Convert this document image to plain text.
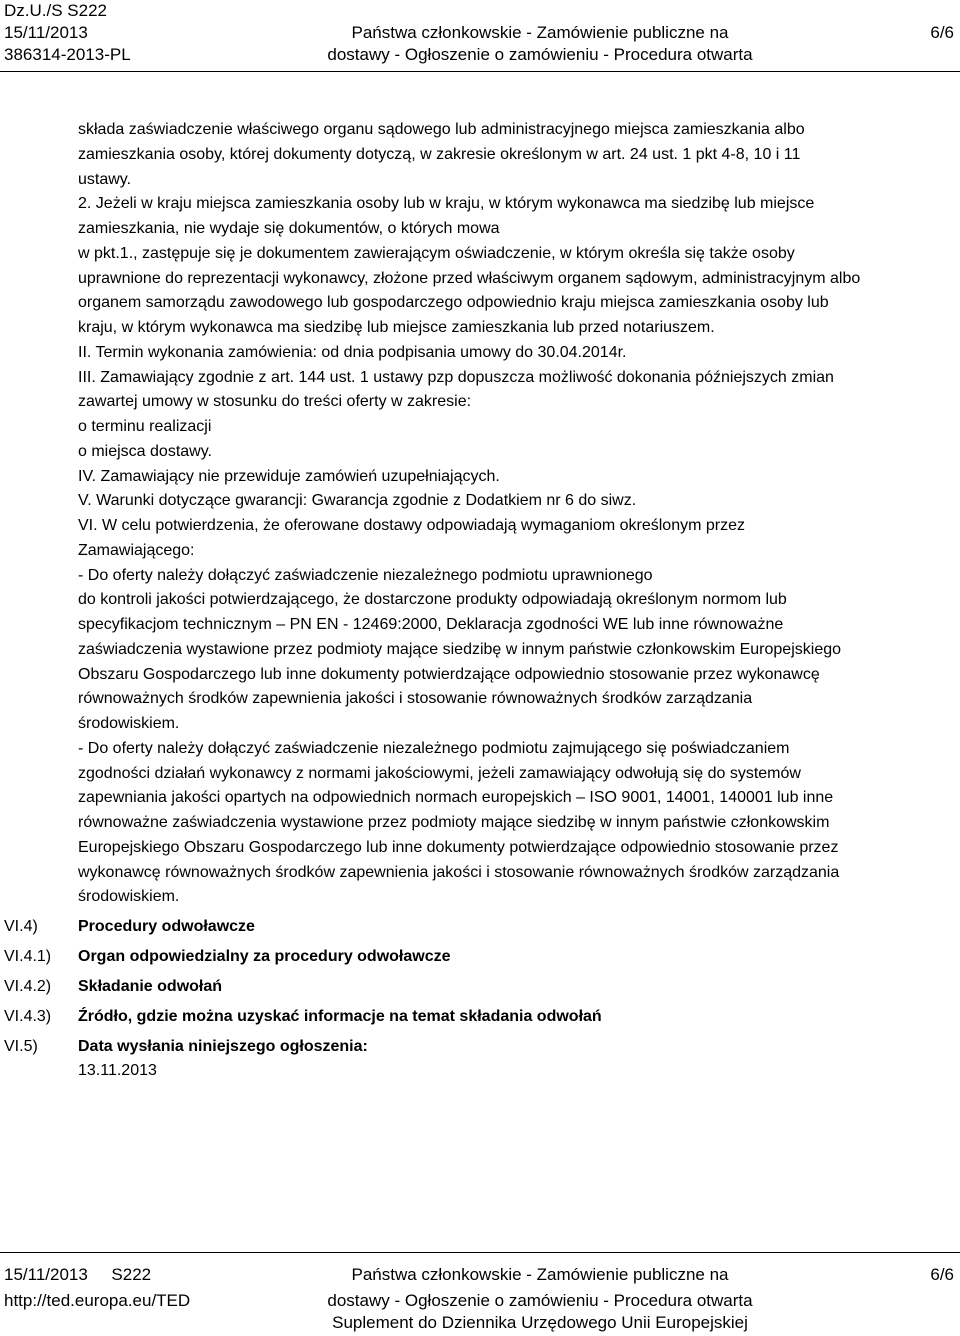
Dz.U./S S222
15/11/2013
386314-2013-PL
Państwa członkowskie - Zamówienie publiczne na
dostawy - Ogłoszenie o zamówieniu - Procedura otwarta
6/6
składa zaświadczenie właściwego organu sądowego lub administracyjnego miejsca zamieszkania albo
zamieszkania osoby, której dokumenty dotyczą, w zakresie określonym w art. 24 ust. 1 pkt 4-8, 10 i 11
ustawy.
2. Jeżeli w kraju miejsca zamieszkania osoby lub w kraju, w którym wykonawca ma siedzibę lub miejsce
zamieszkania, nie wydaje się dokumentów, o których mowa
w pkt.1., zastępuje się je dokumentem zawierającym oświadczenie, w którym określa się także osoby
uprawnione do reprezentacji wykonawcy, złożone przed właściwym organem sądowym, administracyjnym albo
organem samorządu zawodowego lub gospodarczego odpowiednio kraju miejsca zamieszkania osoby lub
kraju, w którym wykonawca ma siedzibę lub miejsce zamieszkania lub przed notariuszem.
II. Termin wykonania zamówienia: od dnia podpisania umowy do 30.04.2014r.
III. Zamawiający zgodnie z art. 144 ust. 1 ustawy pzp dopuszcza możliwość dokonania późniejszych zmian
zawartej umowy w stosunku do treści oferty w zakresie:
o terminu realizacji
o miejsca dostawy.
IV. Zamawiający nie przewiduje zamówień uzupełniających.
V. Warunki dotyczące gwarancji: Gwarancja zgodnie z Dodatkiem nr 6 do siwz.
VI. W celu potwierdzenia, że oferowane dostawy odpowiadają wymaganiom określonym przez
Zamawiającego:
- Do oferty należy dołączyć zaświadczenie niezależnego podmiotu uprawnionego
do kontroli jakości potwierdzającego, że dostarczone produkty odpowiadają określonym normom lub
specyfikacjom technicznym – PN EN - 12469:2000, Deklaracja zgodności WE lub inne równoważne
zaświadczenia wystawione przez podmioty mające siedzibę w innym państwie członkowskim Europejskiego
Obszaru Gospodarczego lub inne dokumenty potwierdzające odpowiednio stosowanie przez wykonawcę
równoważnych środków zapewnienia jakości i stosowanie równoważnych środków zarządzania
środowiskiem.
- Do oferty należy dołączyć zaświadczenie niezależnego podmiotu zajmującego się poświadczaniem
zgodności działań wykonawcy z normami jakościowymi, jeżeli zamawiający odwołują się do systemów
zapewniania jakości opartych na odpowiednich normach europejskich – ISO 9001, 14001, 140001 lub inne
równoważne zaświadczenia wystawione przez podmioty mające siedzibę w innym państwie członkowskim
Europejskiego Obszaru Gospodarczego lub inne dokumenty potwierdzające odpowiednio stosowanie przez
wykonawcę równoważnych środków zapewnienia jakości i stosowanie równoważnych środków zarządzania
środowiskiem.
VI.4)	Procedury odwoławcze
VI.4.1)	Organ odpowiedzialny za procedury odwoławcze
VI.4.2)	Składanie odwołań
VI.4.3)	Źródło, gdzie można uzyskać informacje na temat składania odwołań
VI.5)	Data wysłania niniejszego ogłoszenia:
13.11.2013
15/11/2013     S222
http://ted.europa.eu/TED
Państwa członkowskie - Zamówienie publiczne na
dostawy - Ogłoszenie o zamówieniu - Procedura otwarta
Suplement do Dziennika Urzędowego Unii Europejskiej
6/6
